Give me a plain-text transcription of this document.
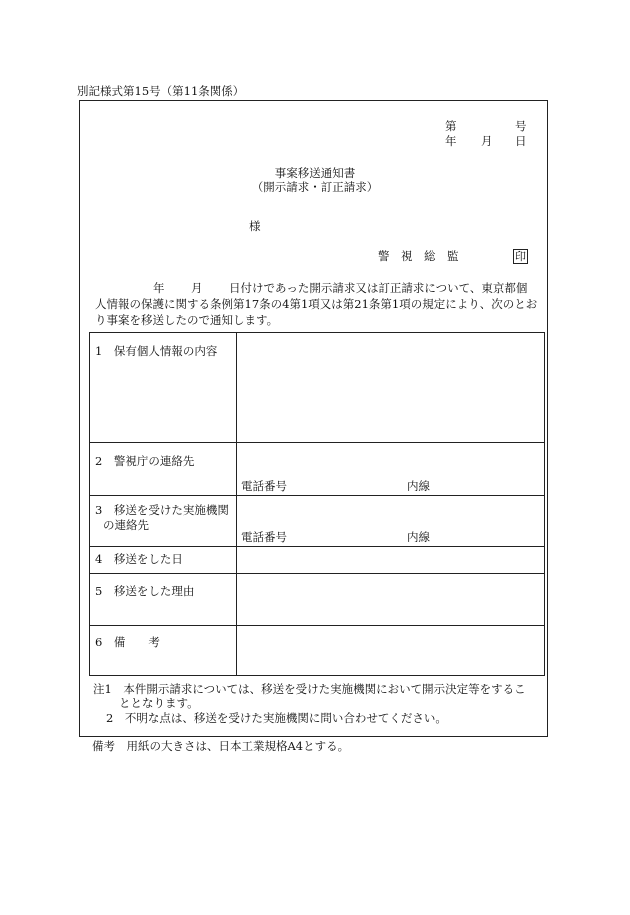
別記様式第15号（第11条関係）
第	号
年 月 日
事案移送通知書
（開示請求・訂正請求）
様
警　視　総　監	印
年 月 日付けであった開示請求又は訂正請求について、東京都個
人情報の保護に関する条例第17条の4第1項又は第21条第1項の規定により、次のとお
り事案を移送したので通知します。
1　保有個人情報の内容
2　警視庁の連絡先
電話番号	内線
3　移送を受けた実施機関
の連絡先
電話番号	内線
4　移送をした日
5　移送をした理由
6　備　　考
注1　本件開示請求については、移送を受けた実施機関において開示決定等をするこ
ととなります。
2　不明な点は、移送を受けた実施機関に問い合わせてください。
備考　用紙の大きさは、日本工業規格A4とする。
